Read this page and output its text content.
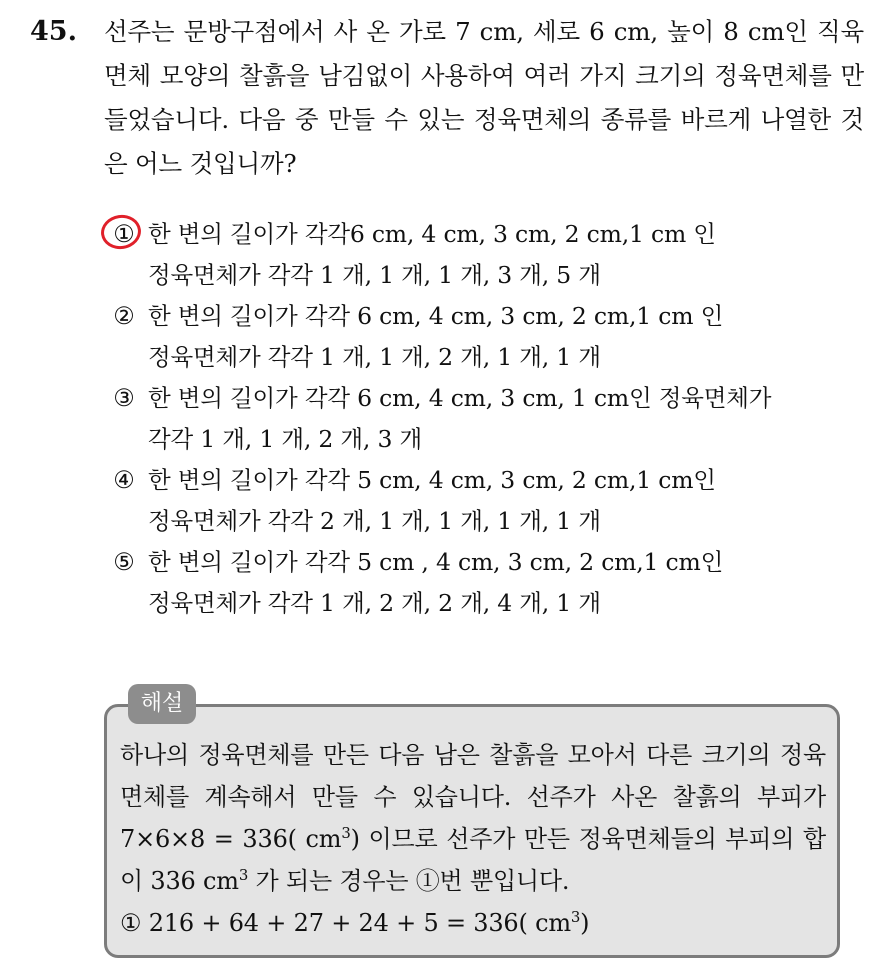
45. 선주는 문방구점에서 사 온 가로 7 cm, 세로 6 cm, 높이 8 cm인 직육면체 모양의 찰흙을 남김없이 사용하여 여러 가지 크기의 정육면체를 만들었습니다. 다음 중 만들 수 있는 정육면체의 종류를 바르게 나열한 것은 어느 것입니까?
① 한 변의 길이가 각각6 cm, 4 cm, 3 cm, 2 cm,1 cm 인
정육면체가 각각 1 개, 1 개, 1 개, 3 개, 5 개
② 한 변의 길이가 각각 6 cm, 4 cm, 3 cm, 2 cm,1 cm 인
정육면체가 각각 1 개, 1 개, 2 개, 1 개, 1 개
③ 한 변의 길이가 각각 6 cm, 4 cm, 3 cm, 1 cm인 정육면체가
각각 1 개, 1 개, 2 개, 3 개
④ 한 변의 길이가 각각 5 cm, 4 cm, 3 cm, 2 cm,1 cm인
정육면체가 각각 2 개, 1 개, 1 개, 1 개, 1 개
⑤ 한 변의 길이가 각각 5 cm , 4 cm, 3 cm, 2 cm,1 cm인
정육면체가 각각 1 개, 2 개, 2 개, 4 개, 1 개
해설

하나의 정육면체를 만든 다음 남은 찰흙을 모아서 다른 크기의 정육면체를 계속해서 만들 수 있습니다. 선주가 사온 찰흙의 부피가 7×6×8 = 336( $cm^3$) 이므로 선주가 만든 정육면체들의 부피의 합이 336 $cm^3$ 가 되는 경우는 ①번 뿐입니다.

① 216 + 64 + 27 + 24 + 5 = 336( $cm^3$)
